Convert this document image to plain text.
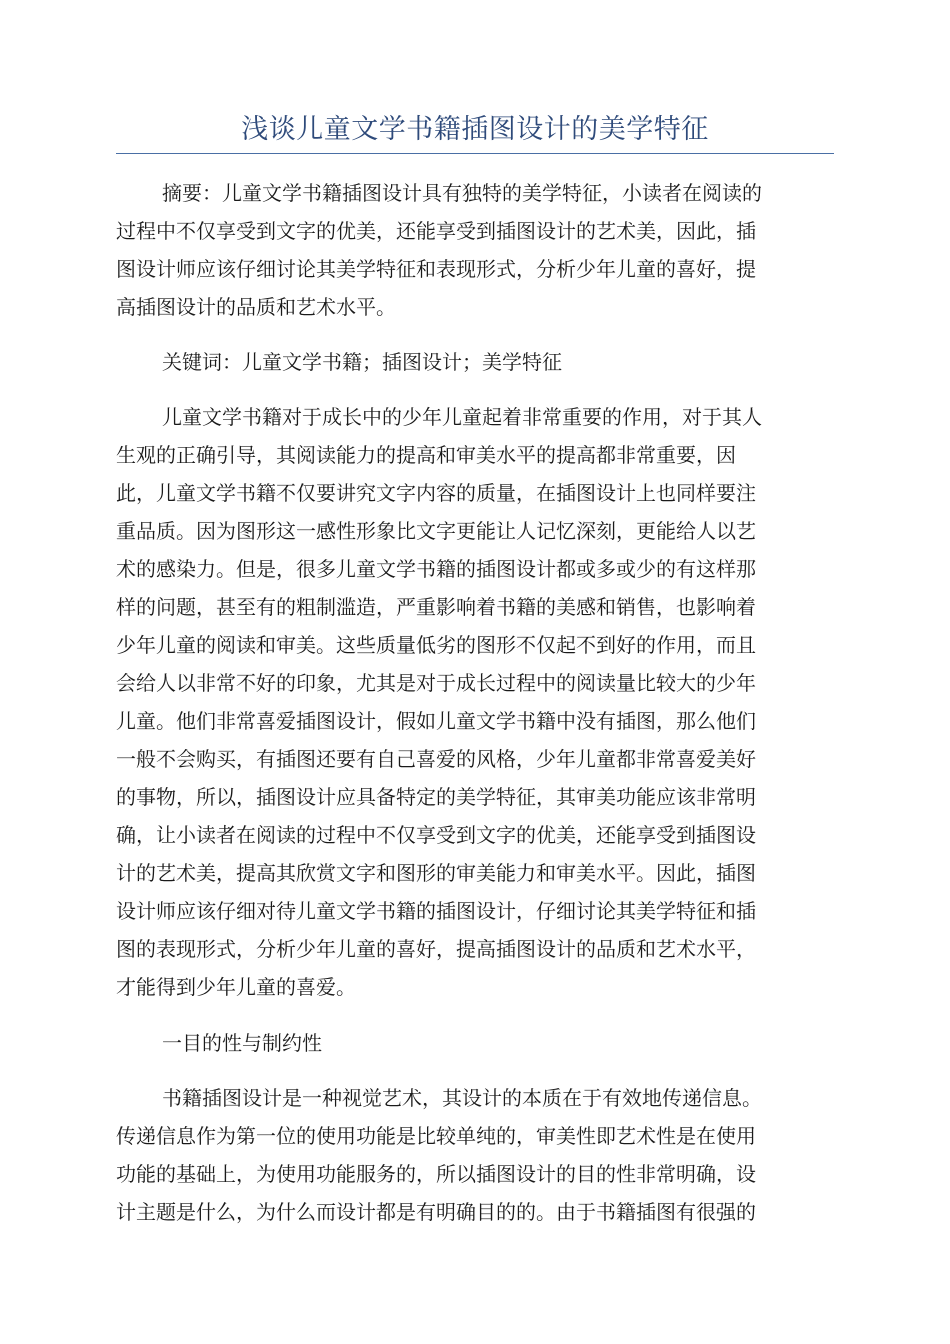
浅谈儿童文学书籍插图设计的美学特征
摘要：儿童文学书籍插图设计具有独特的美学特征，小读者在阅读的
过程中不仅享受到文字的优美，还能享受到插图设计的艺术美，因此，插
图设计师应该仔细讨论其美学特征和表现形式，分析少年儿童的喜好，提
高插图设计的品质和艺术水平。
关键词：儿童文学书籍；插图设计；美学特征
儿童文学书籍对于成长中的少年儿童起着非常重要的作用，对于其人
生观的正确引导，其阅读能力的提高和审美水平的提高都非常重要，因
此，儿童文学书籍不仅要讲究文字内容的质量，在插图设计上也同样要注
重品质。因为图形这一感性形象比文字更能让人记忆深刻，更能给人以艺
术的感染力。但是，很多儿童文学书籍的插图设计都或多或少的有这样那
样的问题，甚至有的粗制滥造，严重影响着书籍的美感和销售，也影响着
少年儿童的阅读和审美。这些质量低劣的图形不仅起不到好的作用，而且
会给人以非常不好的印象，尤其是对于成长过程中的阅读量比较大的少年
儿童。他们非常喜爱插图设计，假如儿童文学书籍中没有插图，那么他们
一般不会购买，有插图还要有自己喜爱的风格，少年儿童都非常喜爱美好
的事物，所以，插图设计应具备特定的美学特征，其审美功能应该非常明
确，让小读者在阅读的过程中不仅享受到文字的优美，还能享受到插图设
计的艺术美，提高其欣赏文字和图形的审美能力和审美水平。因此，插图
设计师应该仔细对待儿童文学书籍的插图设计，仔细讨论其美学特征和插
图的表现形式，分析少年儿童的喜好，提高插图设计的品质和艺术水平，
才能得到少年儿童的喜爱。
一目的性与制约性
书籍插图设计是一种视觉艺术，其设计的本质在于有效地传递信息。
传递信息作为第一位的使用功能是比较单纯的，审美性即艺术性是在使用
功能的基础上，为使用功能服务的，所以插图设计的目的性非常明确，设
计主题是什么，为什么而设计都是有明确目的的。由于书籍插图有很强的
